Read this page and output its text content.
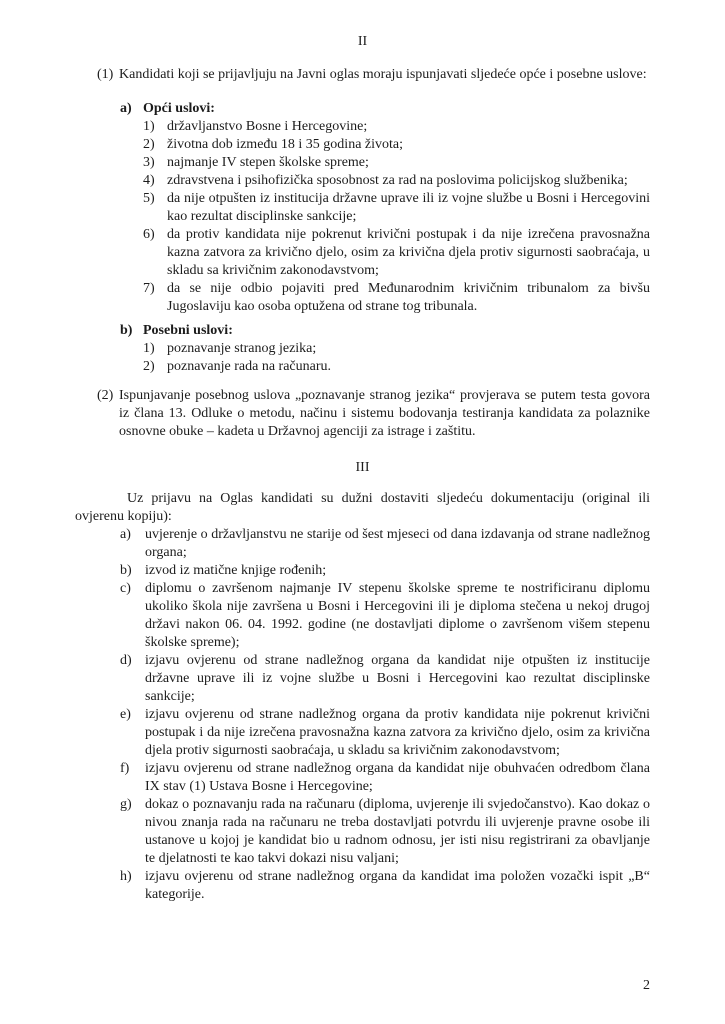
II
(1) Kandidati koji se prijavljuju na Javni oglas moraju ispunjavati sljedeće opće i posebne uslove:
a) Opći uslovi:
1) državljanstvo Bosne i Hercegovine;
2) životna dob između 18 i 35 godina života;
3) najmanje IV stepen školske spreme;
4) zdravstvena i psihofizička sposobnost za rad na poslovima policijskog službenika;
5) da nije otpušten iz institucija državne uprave ili iz vojne službe u Bosni i Hercegovini kao rezultat disciplinske sankcije;
6) da protiv kandidata nije pokrenut krivični postupak i da nije izrečena pravosnažna kazna zatvora za krivično djelo, osim za krivična djela protiv sigurnosti saobraćaja, u skladu sa krivičnim zakonodavstvom;
7) da se nije odbio pojaviti pred Međunarodnim krivičnim tribunalom za bivšu Jugoslaviju kao osoba optužena od strane tog tribunala.
b) Posebni uslovi:
1) poznavanje stranog jezika;
2) poznavanje rada na računaru.
(2) Ispunjavanje posebnog uslova „poznavanje stranog jezika“ provjerava se putem testa govora iz člana 13. Odluke o metodu, načinu i sistemu bodovanja testiranja kandidata za polaznike osnovne obuke – kadeta u Državnoj agenciji za istrage i zaštitu.
III
Uz prijavu na Oglas kandidati su dužni dostaviti sljedeću dokumentaciju (original ili ovjerenu kopiju):
a)	uvjerenje o državljanstvu ne starije od šest mjeseci od dana izdavanja od strane nadležnog organa;
b) izvod iz matične knjige rođenih;
c)	diplomu o završenom najmanje IV stepenu školske spreme te nostrificiranu diplomu ukoliko škola nije završena u Bosni i Hercegovini ili je diploma stečena u nekoj drugoj državi nakon 06. 04. 1992. godine (ne dostavljati diplome o završenom višem stepenu školske spreme);
d) izjavu ovjerenu od strane nadležnog organa da kandidat nije otpušten iz institucije državne uprave ili iz vojne službe u Bosni i Hercegovini kao rezultat disciplinske sankcije;
e)	izjavu ovjerenu od strane nadležnog organa da protiv kandidata nije pokrenut krivični postupak i da nije izrečena pravosnažna kazna zatvora za krivično djelo, osim za krivična djela protiv sigurnosti saobraćaja, u skladu sa krivičnim zakonodavstvom;
f)	izjavu ovjerenu od strane nadležnog organa da kandidat nije obuhvaćen odredbom člana IX stav (1) Ustava Bosne i Hercegovine;
g) dokaz o poznavanju rada na računaru (diploma, uvjerenje ili svjedočanstvo). Kao dokaz o nivou znanja rada na računaru ne treba dostavljati potvrdu ili uvjerenje pravne osobe ili ustanove u kojoj je kandidat bio u radnom odnosu, jer isti nisu registrirani za obavljanje te djelatnosti te kao takvi dokazi nisu valjani;
h) izjavu ovjerenu od strane nadležnog organa da kandidat ima položen vozački ispit „B“ kategorije.
2
